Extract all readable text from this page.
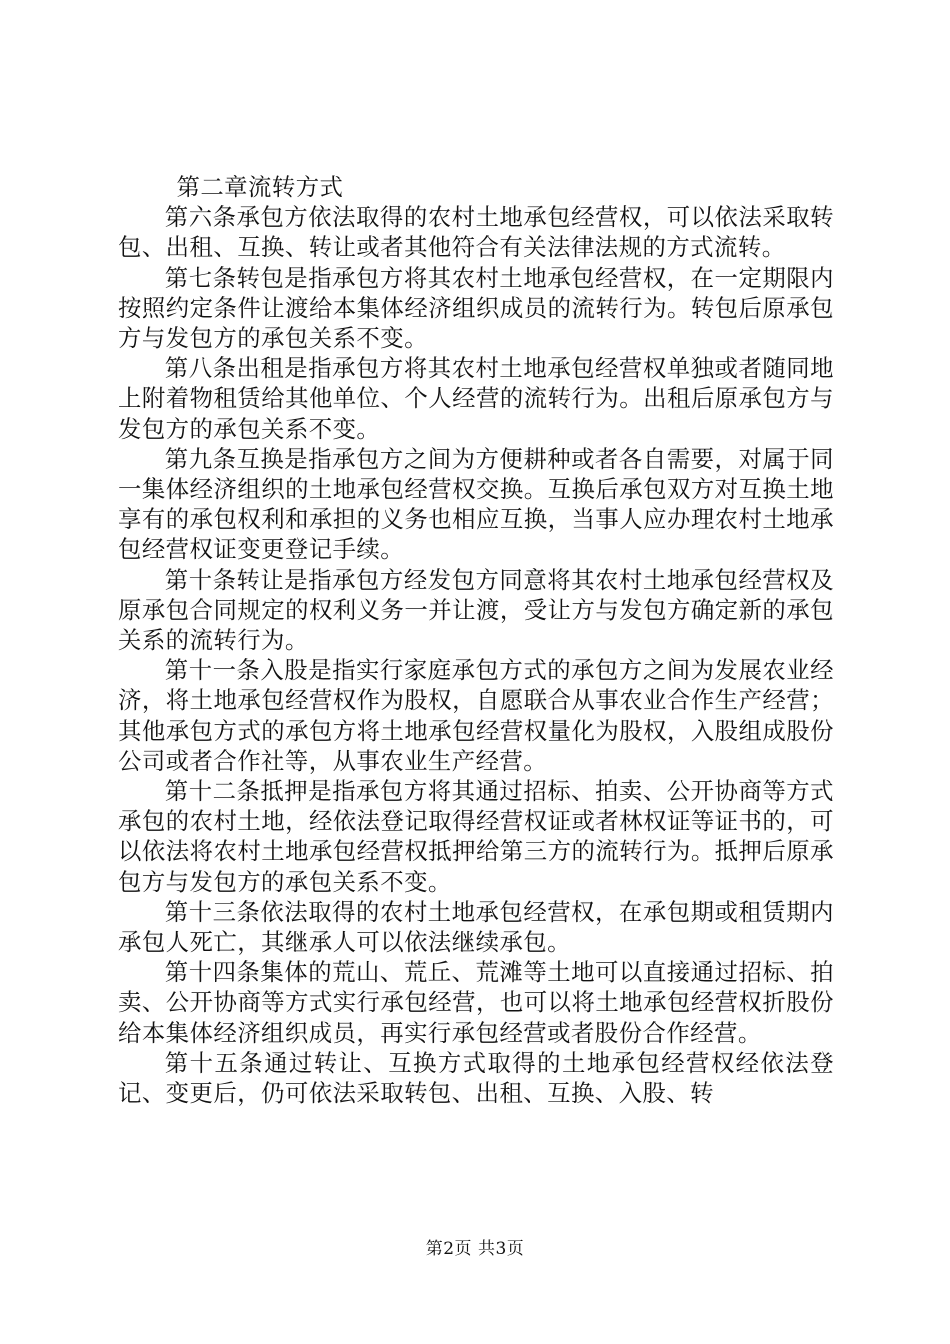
第二章流转方式

第六条承包方依法取得的农村土地承包经营权，可以依法采取转包、出租、互换、转让或者其他符合有关法律法规的方式流转。

第七条转包是指承包方将其农村土地承包经营权，在一定期限内按照约定条件让渡给本集体经济组织成员的流转行为。转包后原承包方与发包方的承包关系不变。

第八条出租是指承包方将其农村土地承包经营权单独或者随同地上附着物租赁给其他单位、个人经营的流转行为。出租后原承包方与发包方的承包关系不变。

第九条互换是指承包方之间为方便耕种或者各自需要，对属于同一集体经济组织的土地承包经营权交换。互换后承包双方对互换土地享有的承包权利和承担的义务也相应互换，当事人应办理农村土地承包经营权证变更登记手续。

第十条转让是指承包方经发包方同意将其农村土地承包经营权及原承包合同规定的权利义务一并让渡，受让方与发包方确定新的承包关系的流转行为。

第十一条入股是指实行家庭承包方式的承包方之间为发展农业经济，将土地承包经营权作为股权，自愿联合从事农业合作生产经营；其他承包方式的承包方将土地承包经营权量化为股权，入股组成股份公司或者合作社等，从事农业生产经营。

第十二条抵押是指承包方将其通过招标、拍卖、公开协商等方式承包的农村土地，经依法登记取得经营权证或者林权证等证书的，可以依法将农村土地承包经营权抵押给第三方的流转行为。抵押后原承包方与发包方的承包关系不变。

第十三条依法取得的农村土地承包经营权，在承包期或租赁期内承包人死亡，其继承人可以依法继续承包。

第十四条集体的荒山、荒丘、荒滩等土地可以直接通过招标、拍卖、公开协商等方式实行承包经营，也可以将土地承包经营权折股份给本集体经济组织成员，再实行承包经营或者股份合作经营。

第十五条通过转让、互换方式取得的土地承包经营权经依法登记、变更后，仍可依法采取转包、出租、互换、入股、转

第2页 共3页
